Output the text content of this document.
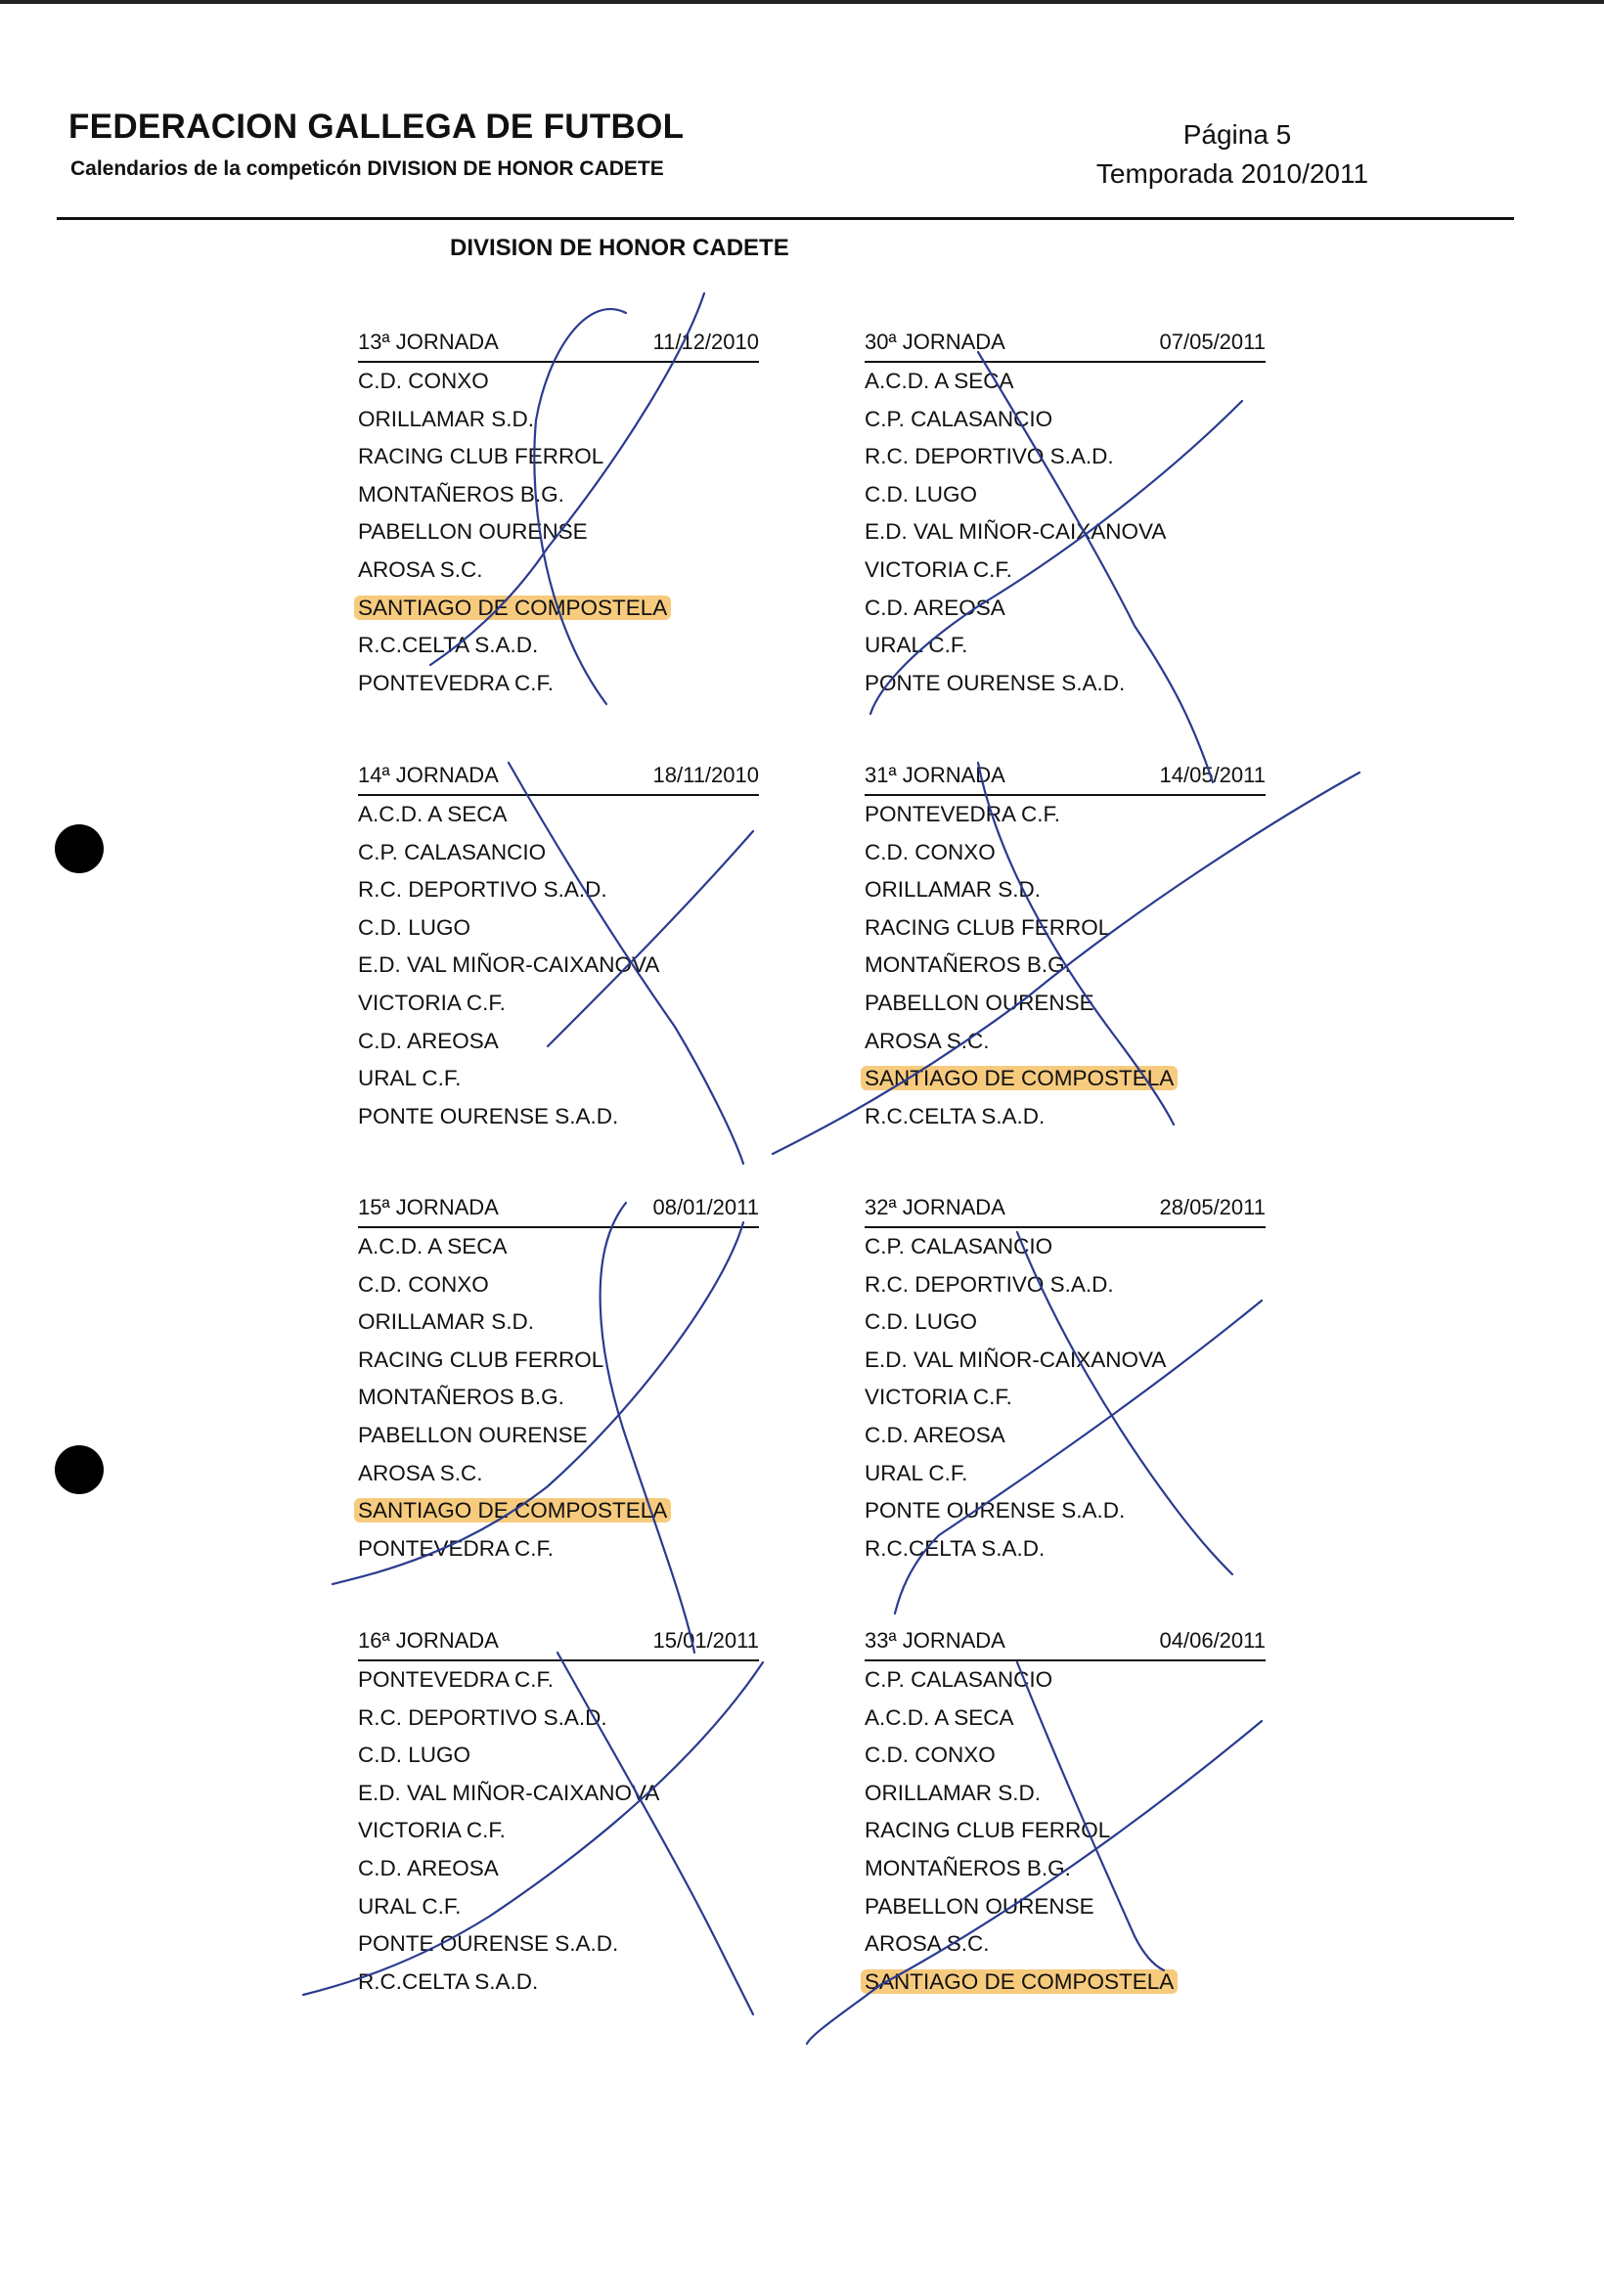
FEDERACION GALLEGA DE FUTBOL
Calendarios de la competicón DIVISION DE HONOR CADETE
Página 5
Temporada 2010/2011
DIVISION DE HONOR CADETE
13ª JORNADA	11/12/2010
C.D. CONXO
ORILLAMAR S.D.
RACING CLUB FERROL
MONTAÑEROS B.G.
PABELLON OURENSE
AROSA S.C.
SANTIAGO DE COMPOSTELA
R.C.CELTA S.A.D.
PONTEVEDRA C.F.
30ª JORNADA	07/05/2011
A.C.D. A SECA
C.P. CALASANCIO
R.C. DEPORTIVO S.A.D.
C.D. LUGO
E.D. VAL MIÑOR-CAIXANOVA
VICTORIA C.F.
C.D. AREOSA
URAL C.F.
PONTE OURENSE S.A.D.
14ª JORNADA	18/11/2010
A.C.D. A SECA
C.P. CALASANCIO
R.C. DEPORTIVO S.A.D.
C.D. LUGO
E.D. VAL MIÑOR-CAIXANOVA
VICTORIA C.F.
C.D. AREOSA
URAL C.F.
PONTE OURENSE S.A.D.
31ª JORNADA	14/05/2011
PONTEVEDRA C.F.
C.D. CONXO
ORILLAMAR S.D.
RACING CLUB FERROL
MONTAÑEROS B.G.
PABELLON OURENSE
AROSA S.C.
SANTIAGO DE COMPOSTELA
R.C.CELTA S.A.D.
15ª JORNADA	08/01/2011
A.C.D. A SECA
C.D. CONXO
ORILLAMAR S.D.
RACING CLUB FERROL
MONTAÑEROS B.G.
PABELLON OURENSE
AROSA S.C.
SANTIAGO DE COMPOSTELA
PONTEVEDRA C.F.
32ª JORNADA	28/05/2011
C.P. CALASANCIO
R.C. DEPORTIVO S.A.D.
C.D. LUGO
E.D. VAL MIÑOR-CAIXANOVA
VICTORIA C.F.
C.D. AREOSA
URAL C.F.
PONTE OURENSE S.A.D.
R.C.CELTA S.A.D.
16ª JORNADA	15/01/2011
PONTEVEDRA C.F.
R.C. DEPORTIVO S.A.D.
C.D. LUGO
E.D. VAL MIÑOR-CAIXANOVA
VICTORIA C.F.
C.D. AREOSA
URAL C.F.
PONTE OURENSE S.A.D.
R.C.CELTA S.A.D.
33ª JORNADA	04/06/2011
C.P. CALASANCIO
A.C.D. A SECA
C.D. CONXO
ORILLAMAR S.D.
RACING CLUB FERROL
MONTAÑEROS B.G.
PABELLON OURENSE
AROSA S.C.
SANTIAGO DE COMPOSTELA
